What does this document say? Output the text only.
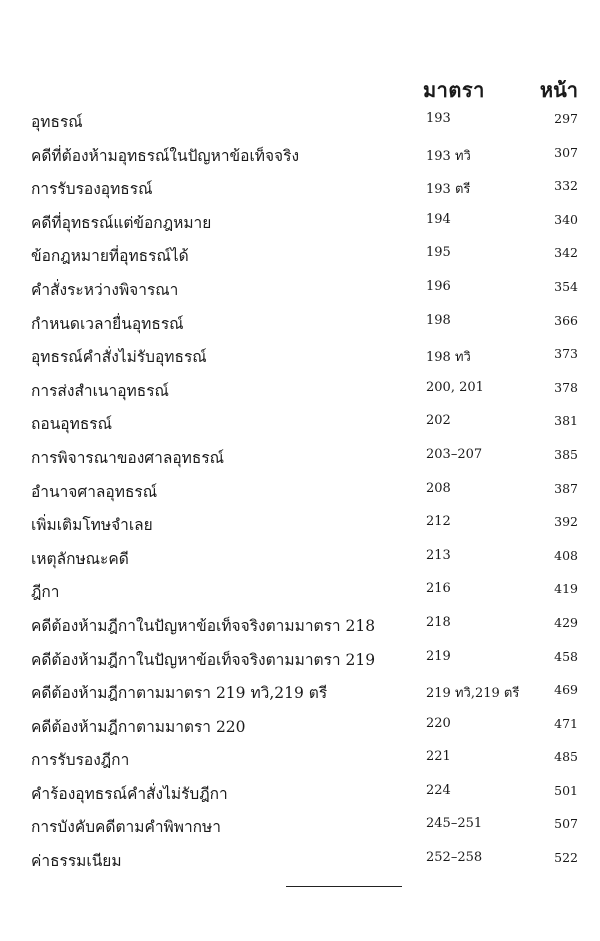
มาตรา	หน้า
อุทธรณ์	193	297
คดีที่ต้องห้ามอุทธรณ์ในปัญหาข้อเท็จจริง	193 ทวิ	307
การรับรองอุทธรณ์	193 ตรี	332
คดีที่อุทธรณ์แต่ข้อกฎหมาย	194	340
ข้อกฎหมายที่อุทธรณ์ได้	195	342
คำสั่งระหว่างพิจารณา	196	354
กำหนดเวลายื่นอุทธรณ์	198	366
อุทธรณ์คำสั่งไม่รับอุทธรณ์	198 ทวิ	373
การส่งสำเนาอุทธรณ์	200, 201	378
ถอนอุทธรณ์	202	381
การพิจารณาของศาลอุทธรณ์	203–207	385
อำนาจศาลอุทธรณ์	208	387
เพิ่มเติมโทษจำเลย	212	392
เหตุลักษณะคดี	213	408
ฎีกา	216	419
คดีต้องห้ามฎีกาในปัญหาข้อเท็จจริงตามมาตรา 218	218	429
คดีต้องห้ามฎีกาในปัญหาข้อเท็จจริงตามมาตรา 219	219	458
คดีต้องห้ามฎีกาตามมาตรา 219 ทวิ,219 ตรี	219 ทวิ,219 ตรี	469
คดีต้องห้ามฎีกาตามมาตรา 220	220	471
การรับรองฎีกา	221	485
คำร้องอุทธรณ์คำสั่งไม่รับฎีกา	224	501
การบังคับคดีตามคำพิพากษา	245–251	507
ค่าธรรมเนียม	252–258	522
